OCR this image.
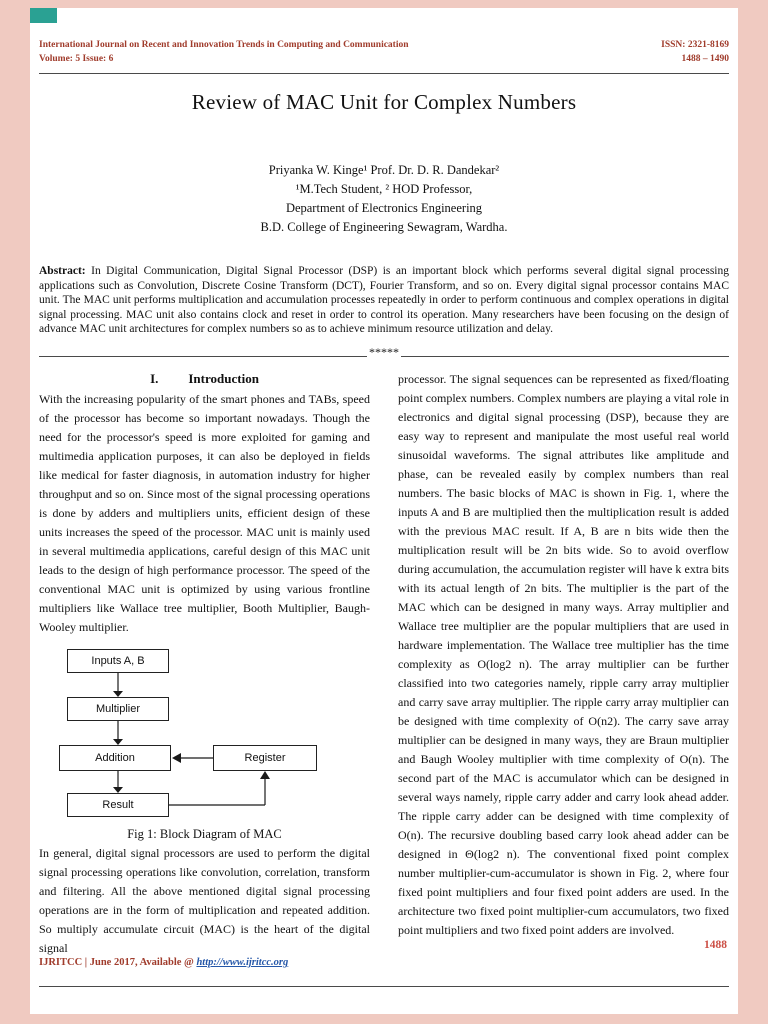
International Journal on Recent and Innovation Trends in Computing and Communication
Volume: 5 Issue: 6
ISSN: 2321-8169
1488 – 1490
Review of MAC Unit for Complex Numbers
Priyanka W. Kinge¹ Prof. Dr. D. R. Dandekar²
¹M.Tech Student, ² HOD Professor,
Department of Electronics Engineering
B.D. College of Engineering Sewagram, Wardha.

Abstract: In Digital Communication, Digital Signal Processor (DSP) is an important block which performs several digital signal processing applications such as Convolution, Discrete Cosine Transform (DCT), Fourier Transform, and so on. Every digital signal processor contains MAC unit. The MAC unit performs multiplication and accumulation processes repeatedly in order to perform continuous and complex operations in digital signal processing. MAC unit also contains clock and reset in order to control its operation. Many researchers have been focusing on the design of advance MAC unit architectures for complex numbers so as to achieve minimum resource utilization and delay.

*****
I. Introduction

With the increasing popularity of the smart phones and TABs, speed of the processor has become so important nowadays. Though the need for the processor's speed is more exploited for gaming and multimedia application purposes, it can also be deployed in fields like medical for faster diagnosis, in automation industry for higher throughput and so on. Since most of the signal processing operations is done by adders and multipliers units, efficient design of these units increases the speed of the processor. MAC unit is mainly used in several multimedia applications, careful design of this MAC unit leads to the design of high performance processor. The speed of the conventional MAC unit is optimized by using various frontline multipliers like Wallace tree multiplier, Booth Multiplier, Baugh-Wooley multiplier.

Inputs A, B
Multiplier
Addition	Register
Result
Fig 1: Block Diagram of MAC

In general, digital signal processors are used to perform the digital signal processing operations like convolution, correlation, transform and filtering. All the above mentioned digital signal processing operations are in the form of multiplication and repeated addition. So multiply accumulate circuit (MAC) is the heart of the digital signal

processor. The signal sequences can be represented as fixed/floating point complex numbers. Complex numbers are playing a vital role in electronics and digital signal processing (DSP), because they are easy way to represent and manipulate the most useful real world sinusoidal waveforms. The signal attributes like amplitude and phase, can be revealed easily by complex numbers than real numbers. The basic blocks of MAC is shown in Fig. 1, where the inputs A and B are multiplied then the multiplication result is added with the previous MAC result. If A, B are n bits wide then the multiplication result will be 2n bits wide. So to avoid overflow during accumulation, the accumulation register will have k extra bits with its actual length of 2n bits. The multiplier is the part of the MAC which can be designed in many ways. Array multiplier and Wallace tree multiplier are the popular multipliers that are used in hardware implementation. The Wallace tree multiplier has the time complexity as O(log2 n). The array multiplier can be further classified into two categories namely, ripple carry array multiplier and carry save array multiplier. The ripple carry array multiplier can be designed with time complexity of O(n2). The carry save array multiplier can be designed in many ways, they are Braun multiplier and Baugh Wooley multiplier with time complexity of O(n). The second part of the MAC is accumulator which can be designed in several ways namely, ripple carry adder and carry look ahead adder. The ripple carry adder can be designed with time complexity of O(n). The recursive doubling based carry look ahead adder can be designed in Θ(log2 n). The conventional fixed point complex number multiplier-cum-accumulator is shown in Fig. 2, where four fixed point multipliers and four fixed point adders are used. In the architecture two fixed point multiplier-cum accumulators, two fixed point multipliers and two fixed point adders are involved.

1488
IJRITCC | June 2017, Available @ http://www.ijritcc.org
